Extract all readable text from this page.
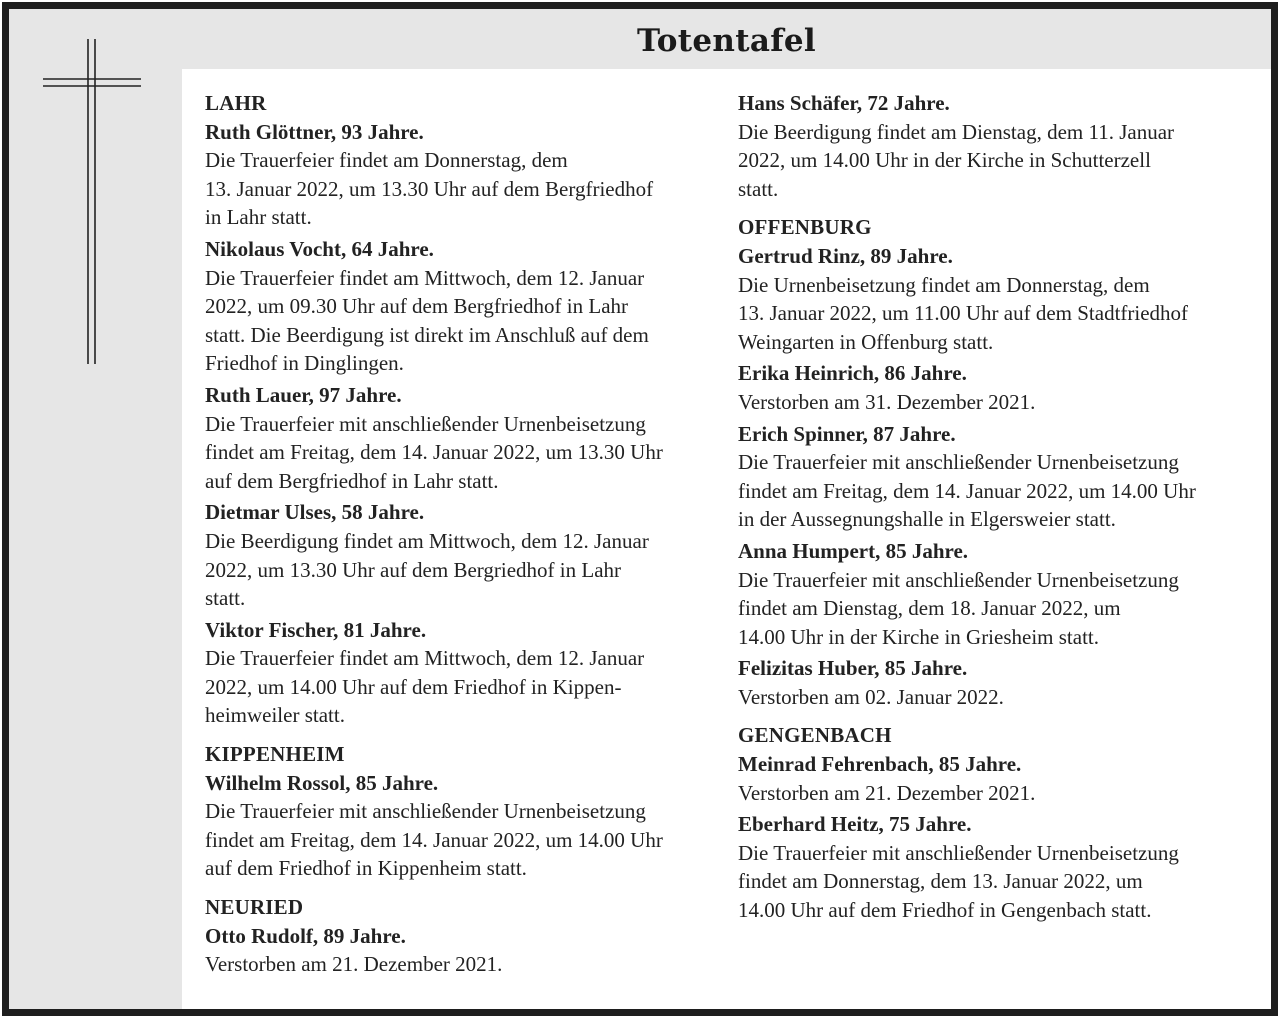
Totentafel
LAHR
Ruth Glöttner, 93 Jahre.
Die Trauerfeier findet am Donnerstag, dem
13. Januar 2022, um 13.30 Uhr auf dem Bergfriedhof
in Lahr statt.
Nikolaus Vocht, 64 Jahre.
Die Trauerfeier findet am Mittwoch, dem 12. Januar
2022, um 09.30 Uhr auf dem Bergfriedhof in Lahr
statt. Die Beerdigung ist direkt im Anschluß auf dem
Friedhof in Dinglingen.
Ruth Lauer, 97 Jahre.
Die Trauerfeier mit anschließender Urnenbeisetzung
findet am Freitag, dem 14. Januar 2022, um 13.30 Uhr
auf dem Bergfriedhof in Lahr statt.
Dietmar Ulses, 58 Jahre.
Die Beerdigung findet am Mittwoch, dem 12. Januar
2022, um 13.30 Uhr auf dem Bergriedhof in Lahr
statt.
Viktor Fischer, 81 Jahre.
Die Trauerfeier findet am Mittwoch, dem 12. Januar
2022, um 14.00 Uhr auf dem Friedhof in Kippen-
heimweiler statt.
KIPPENHEIM
Wilhelm Rossol, 85 Jahre.
Die Trauerfeier mit anschließender Urnenbeisetzung
findet am Freitag, dem 14. Januar 2022, um 14.00 Uhr
auf dem Friedhof in Kippenheim statt.
NEURIED
Otto Rudolf, 89 Jahre.
Verstorben am 21. Dezember 2021.
Hans Schäfer, 72 Jahre.
Die Beerdigung findet am Dienstag, dem 11. Januar
2022, um 14.00 Uhr in der Kirche in Schutterzell
statt.
OFFENBURG
Gertrud Rinz, 89 Jahre.
Die Urnenbeisetzung findet am Donnerstag, dem
13. Januar 2022, um 11.00 Uhr auf dem Stadtfriedhof
Weingarten in Offenburg statt.
Erika Heinrich, 86 Jahre.
Verstorben am 31. Dezember 2021.
Erich Spinner, 87 Jahre.
Die Trauerfeier mit anschließender Urnenbeisetzung
findet am Freitag, dem 14. Januar 2022, um 14.00 Uhr
in der Aussegnungshalle in Elgersweier statt.
Anna Humpert, 85 Jahre.
Die Trauerfeier mit anschließender Urnenbeisetzung
findet am Dienstag, dem 18. Januar 2022, um
14.00 Uhr in der Kirche in Griesheim statt.
Felizitas Huber, 85 Jahre.
Verstorben am 02. Januar 2022.
GENGENBACH
Meinrad Fehrenbach, 85 Jahre.
Verstorben am 21. Dezember 2021.
Eberhard Heitz, 75 Jahre.
Die Trauerfeier mit anschließender Urnenbeisetzung
findet am Donnerstag, dem 13. Januar 2022, um
14.00 Uhr auf dem Friedhof in Gengenbach statt.
